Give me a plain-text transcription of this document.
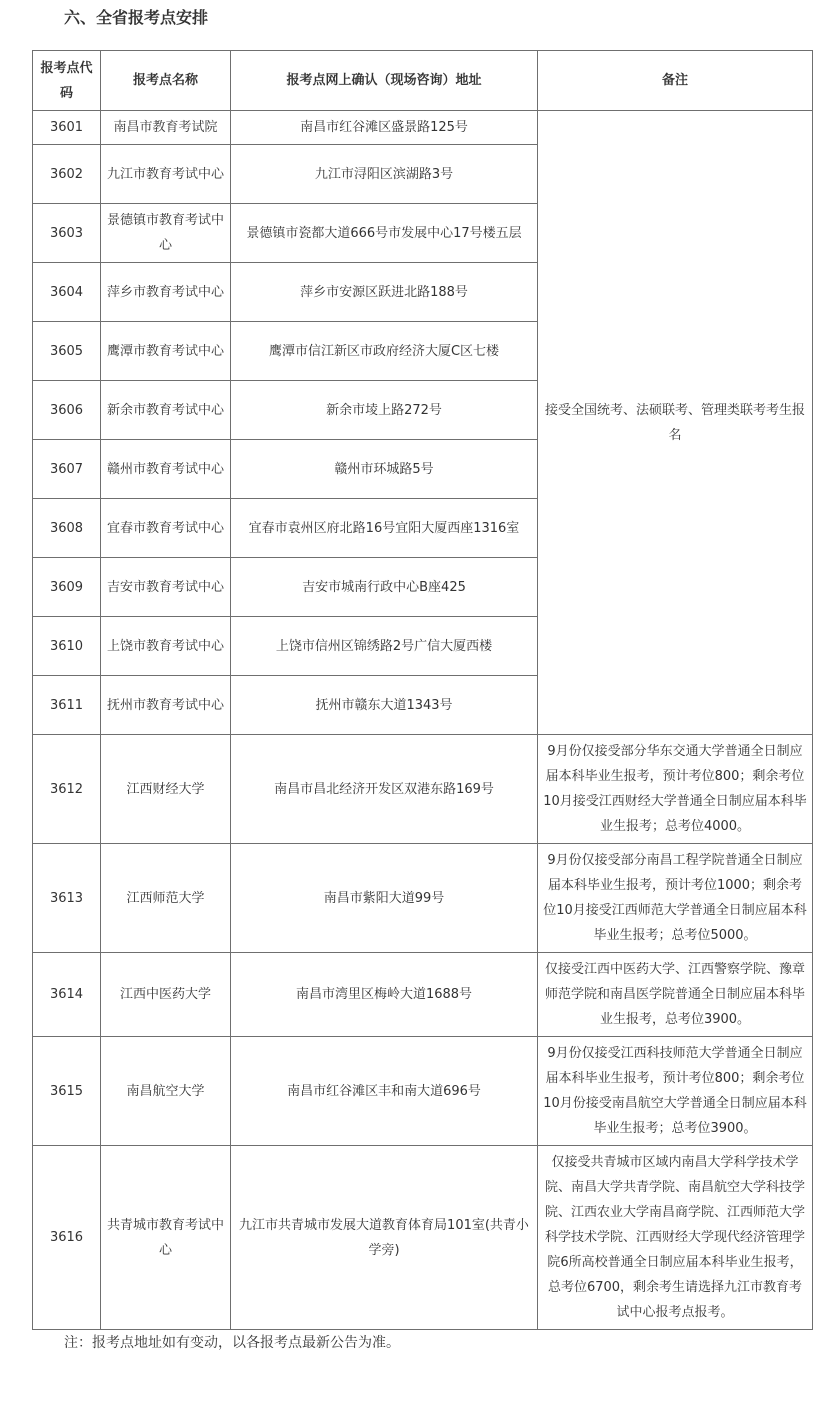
六、全省报考点安排
报考点代码	报考点名称	报考点网上确认（现场咨询）地址	备注
3601	南昌市教育考试院	南昌市红谷滩区盛景路125号	接受全国统考、法硕联考、管理类联考考生报名
3602	九江市教育考试中心	九江市浔阳区滨湖路3号	
3603	景德镇市教育考试中心	景德镇市瓷都大道666号市发展中心17号楼五层	
3604	萍乡市教育考试中心	萍乡市安源区跃进北路188号	
3605	鹰潭市教育考试中心	鹰潭市信江新区市政府经济大厦C区七楼	
3606	新余市教育考试中心	新余市堎上路272号	
3607	赣州市教育考试中心	赣州市环城路5号	
3608	宜春市教育考试中心	宜春市袁州区府北路16号宜阳大厦西座1316室	
3609	吉安市教育考试中心	吉安市城南行政中心B座425	
3610	上饶市教育考试中心	上饶市信州区锦绣路2号广信大厦西楼	
3611	抚州市教育考试中心	抚州市赣东大道1343号	
3612	江西财经大学	南昌市昌北经济开发区双港东路169号	9月份仅接受部分华东交通大学普通全日制应届本科毕业生报考，预计考位800；剩余考位10月接受江西财经大学普通全日制应届本科毕业生报考；总考位4000。
3613	江西师范大学	南昌市紫阳大道99号	9月份仅接受部分南昌工程学院普通全日制应届本科毕业生报考，预计考位1000；剩余考位10月接受江西师范大学普通全日制应届本科毕业生报考；总考位5000。
3614	江西中医药大学	南昌市湾里区梅岭大道1688号	仅接受江西中医药大学、江西警察学院、豫章师范学院和南昌医学院普通全日制应届本科毕业生报考，总考位3900。
3615	南昌航空大学	南昌市红谷滩区丰和南大道696号	9月份仅接受江西科技师范大学普通全日制应届本科毕业生报考，预计考位800；剩余考位10月份接受南昌航空大学普通全日制应届本科毕业生报考；总考位3900。
3616	共青城市教育考试中心	九江市共青城市发展大道教育体育局101室(共青小学旁)	仅接受共青城市区域内南昌大学科学技术学院、南昌大学共青学院、南昌航空大学科技学院、江西农业大学南昌商学院、江西师范大学科学技术学院、江西财经大学现代经济管理学院6所高校普通全日制应届本科毕业生报考，总考位6700，剩余考生请选择九江市教育考试中心报考点报考。
注：报考点地址如有变动，以各报考点最新公告为准。
